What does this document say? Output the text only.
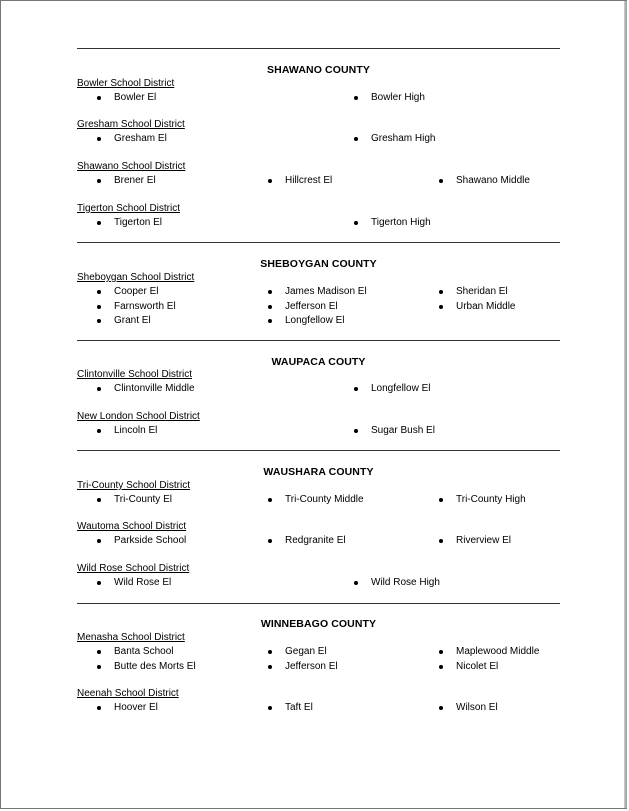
SHAWANO COUNTY
Bowler School District
Bowler El	Bowler High
Gresham School District
Gresham El	Gresham High
Shawano School District
Brener El	Hillcrest El	Shawano Middle
Tigerton School District
Tigerton El	Tigerton High
SHEBOYGAN COUNTY
Sheboygan School District
Cooper El	James Madison El	Sheridan El
Farnsworth El	Jefferson El	Urban Middle
Grant El	Longfellow El
WAUPACA COUTY
Clintonville School District
Clintonville Middle	Longfellow El
New London School District
Lincoln El	Sugar Bush El
WAUSHARA COUNTY
Tri-County School District
Tri-County El	Tri-County Middle	Tri-County High
Wautoma School District
Parkside School	Redgranite El	Riverview El
Wild Rose School District
Wild Rose El	Wild Rose High
WINNEBAGO COUNTY
Menasha School District
Banta School	Gegan El	Maplewood Middle
Butte des Morts El	Jefferson El	Nicolet El
Neenah School District
Hoover El	Taft El	Wilson El
